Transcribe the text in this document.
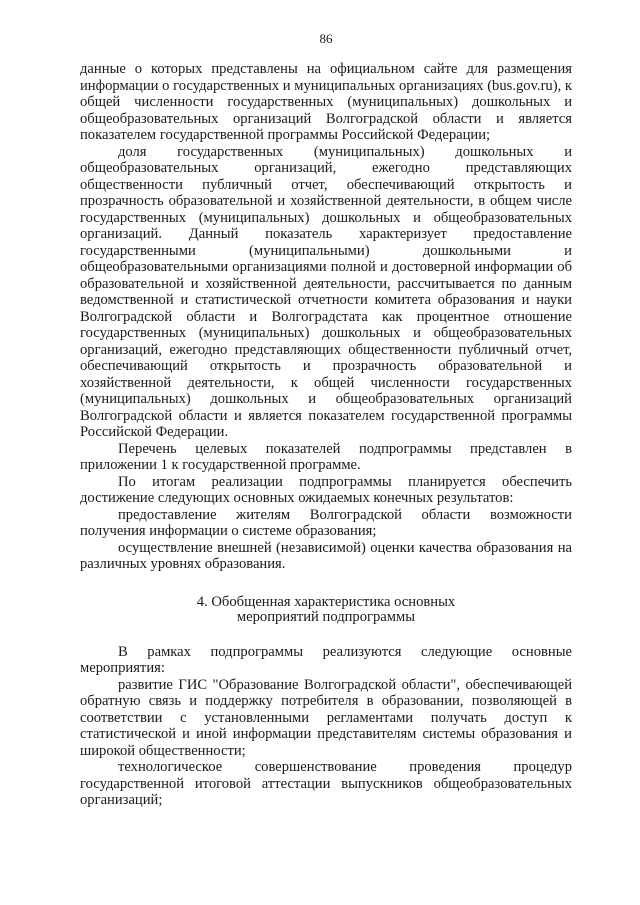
86

данные о которых представлены на официальном сайте для размещения информации о государственных и муниципальных организациях (bus.gov.ru), к общей численности государственных (муниципальных) дошкольных и общеобразовательных организаций Волгоградской области и является показателем государственной программы Российской Федерации;

доля государственных (муниципальных) дошкольных и общеобразовательных организаций, ежегодно представляющих общественности публичный отчет, обеспечивающий открытость и прозрачность образовательной и хозяйственной деятельности, в общем числе государственных (муниципальных) дошкольных и общеобразовательных организаций. Данный показатель характеризует предоставление государственными (муниципальными) дошкольными и общеобразовательными организациями полной и достоверной информации об образовательной и хозяйственной деятельности, рассчитывается по данным ведомственной и статистической отчетности комитета образования и науки Волгоградской области и Волгоградстата как процентное отношение государственных (муниципальных) дошкольных и общеобразовательных организаций, ежегодно представляющих общественности публичный отчет, обеспечивающий открытость и прозрачность образовательной и хозяйственной деятельности, к общей численности государственных (муниципальных) дошкольных и общеобразовательных организаций Волгоградской области и является показателем государственной программы Российской Федерации.

Перечень целевых показателей подпрограммы представлен в приложении 1 к государственной программе.

По итогам реализации подпрограммы планируется обеспечить достижение следующих основных ожидаемых конечных результатов:

предоставление жителям Волгоградской области возможности получения информации о системе образования;

осуществление внешней (независимой) оценки качества образования на различных уровнях образования.

4. Обобщенная характеристика основных
мероприятий подпрограммы

В рамках подпрограммы реализуются следующие основные мероприятия:

развитие ГИС "Образование Волгоградской области", обеспечивающей обратную связь и поддержку потребителя в образовании, позволяющей в соответствии с установленными регламентами получать доступ к статистической и иной информации представителям системы образования и широкой общественности;

технологическое совершенствование проведения процедур государственной итоговой аттестации выпускников общеобразовательных организаций;
